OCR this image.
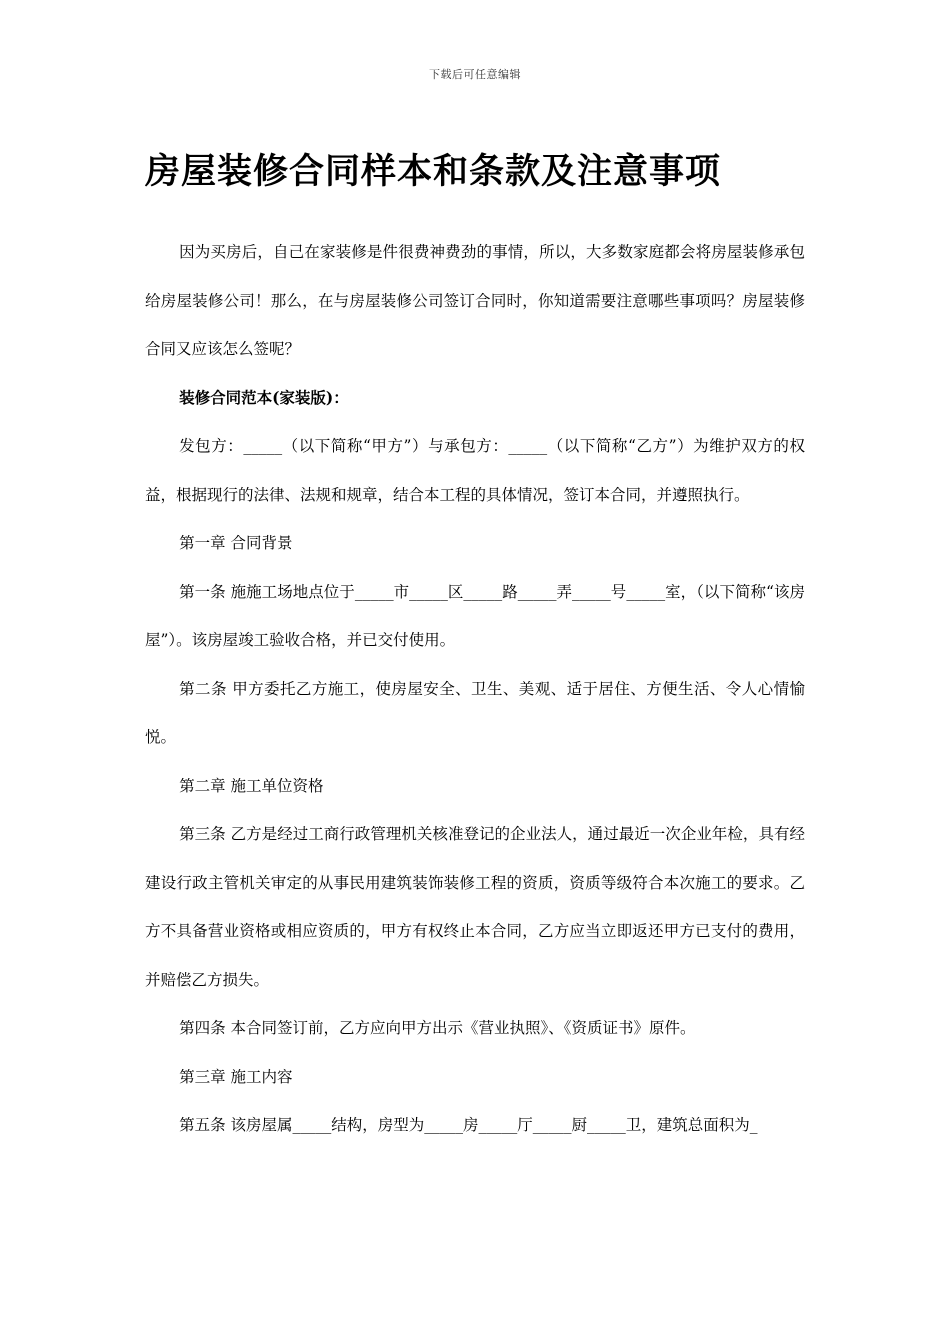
下载后可任意编辑
房屋装修合同样本和条款及注意事项

因为买房后，自己在家装修是件很费神费劲的事情，所以，大多数家庭都会将房屋装修承包给房屋装修公司！那么，在与房屋装修公司签订合同时，你知道需要注意哪些事项吗？房屋装修合同又应该怎么签呢？

装修合同范本(家装版)：

发包方：_____（以下简称“甲方”）与承包方：_____（以下简称“乙方”）为维护双方的权益，根据现行的法律、法规和规章，结合本工程的具体情况，签订本合同，并遵照执行。

第一章 合同背景

第一条 施施工场地点位于_____市_____区_____路_____弄_____号_____室，（以下简称“该房屋”）。该房屋竣工验收合格，并已交付使用。

第二条 甲方委托乙方施工，使房屋安全、卫生、美观、适于居住、方便生活、令人心情愉悦。

第二章 施工单位资格

第三条 乙方是经过工商行政管理机关核准登记的企业法人，通过最近一次企业年检，具有经建设行政主管机关审定的从事民用建筑装饰装修工程的资质，资质等级符合本次施工的要求。乙方不具备营业资格或相应资质的，甲方有权终止本合同，乙方应当立即返还甲方已支付的费用，并赔偿乙方损失。

第四条 本合同签订前，乙方应向甲方出示《营业执照》、《资质证书》原件。

第三章 施工内容

第五条 该房屋属_____结构，房型为_____房_____厅_____厨_____卫，建筑总面积为_
